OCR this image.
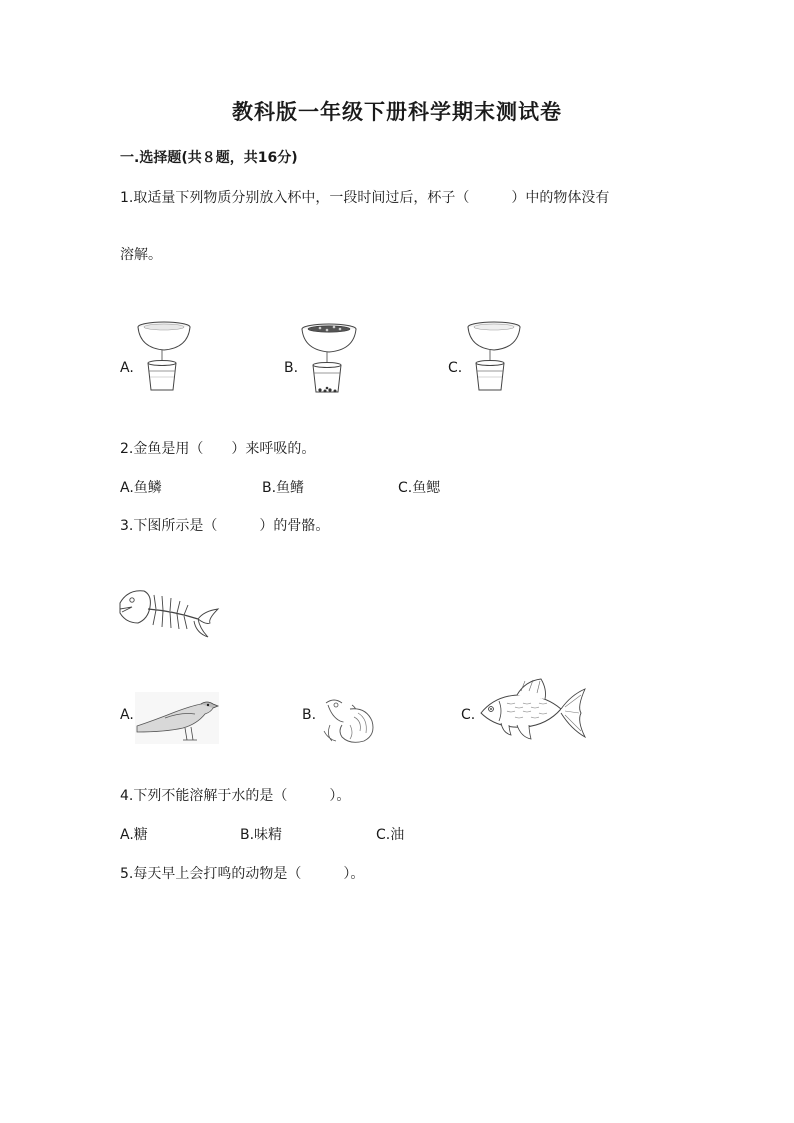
教科版一年级下册科学期末测试卷
一.选择题(共８题，共16分)
1.取适量下列物质分别放入杯中，一段时间过后，杯子（　　　）中的物体没有
溶解。
A.	B.	C.
2.金鱼是用（　　）来呼吸的。
A.鱼鳞	B.鱼鳍	C.鱼鳃
3.下图所示是（　　　）的骨骼。
A.	B.	C.
4.下列不能溶解于水的是（　　　）。
A.糖	B.味精	C.油
5.每天早上会打鸣的动物是（　　　）。
